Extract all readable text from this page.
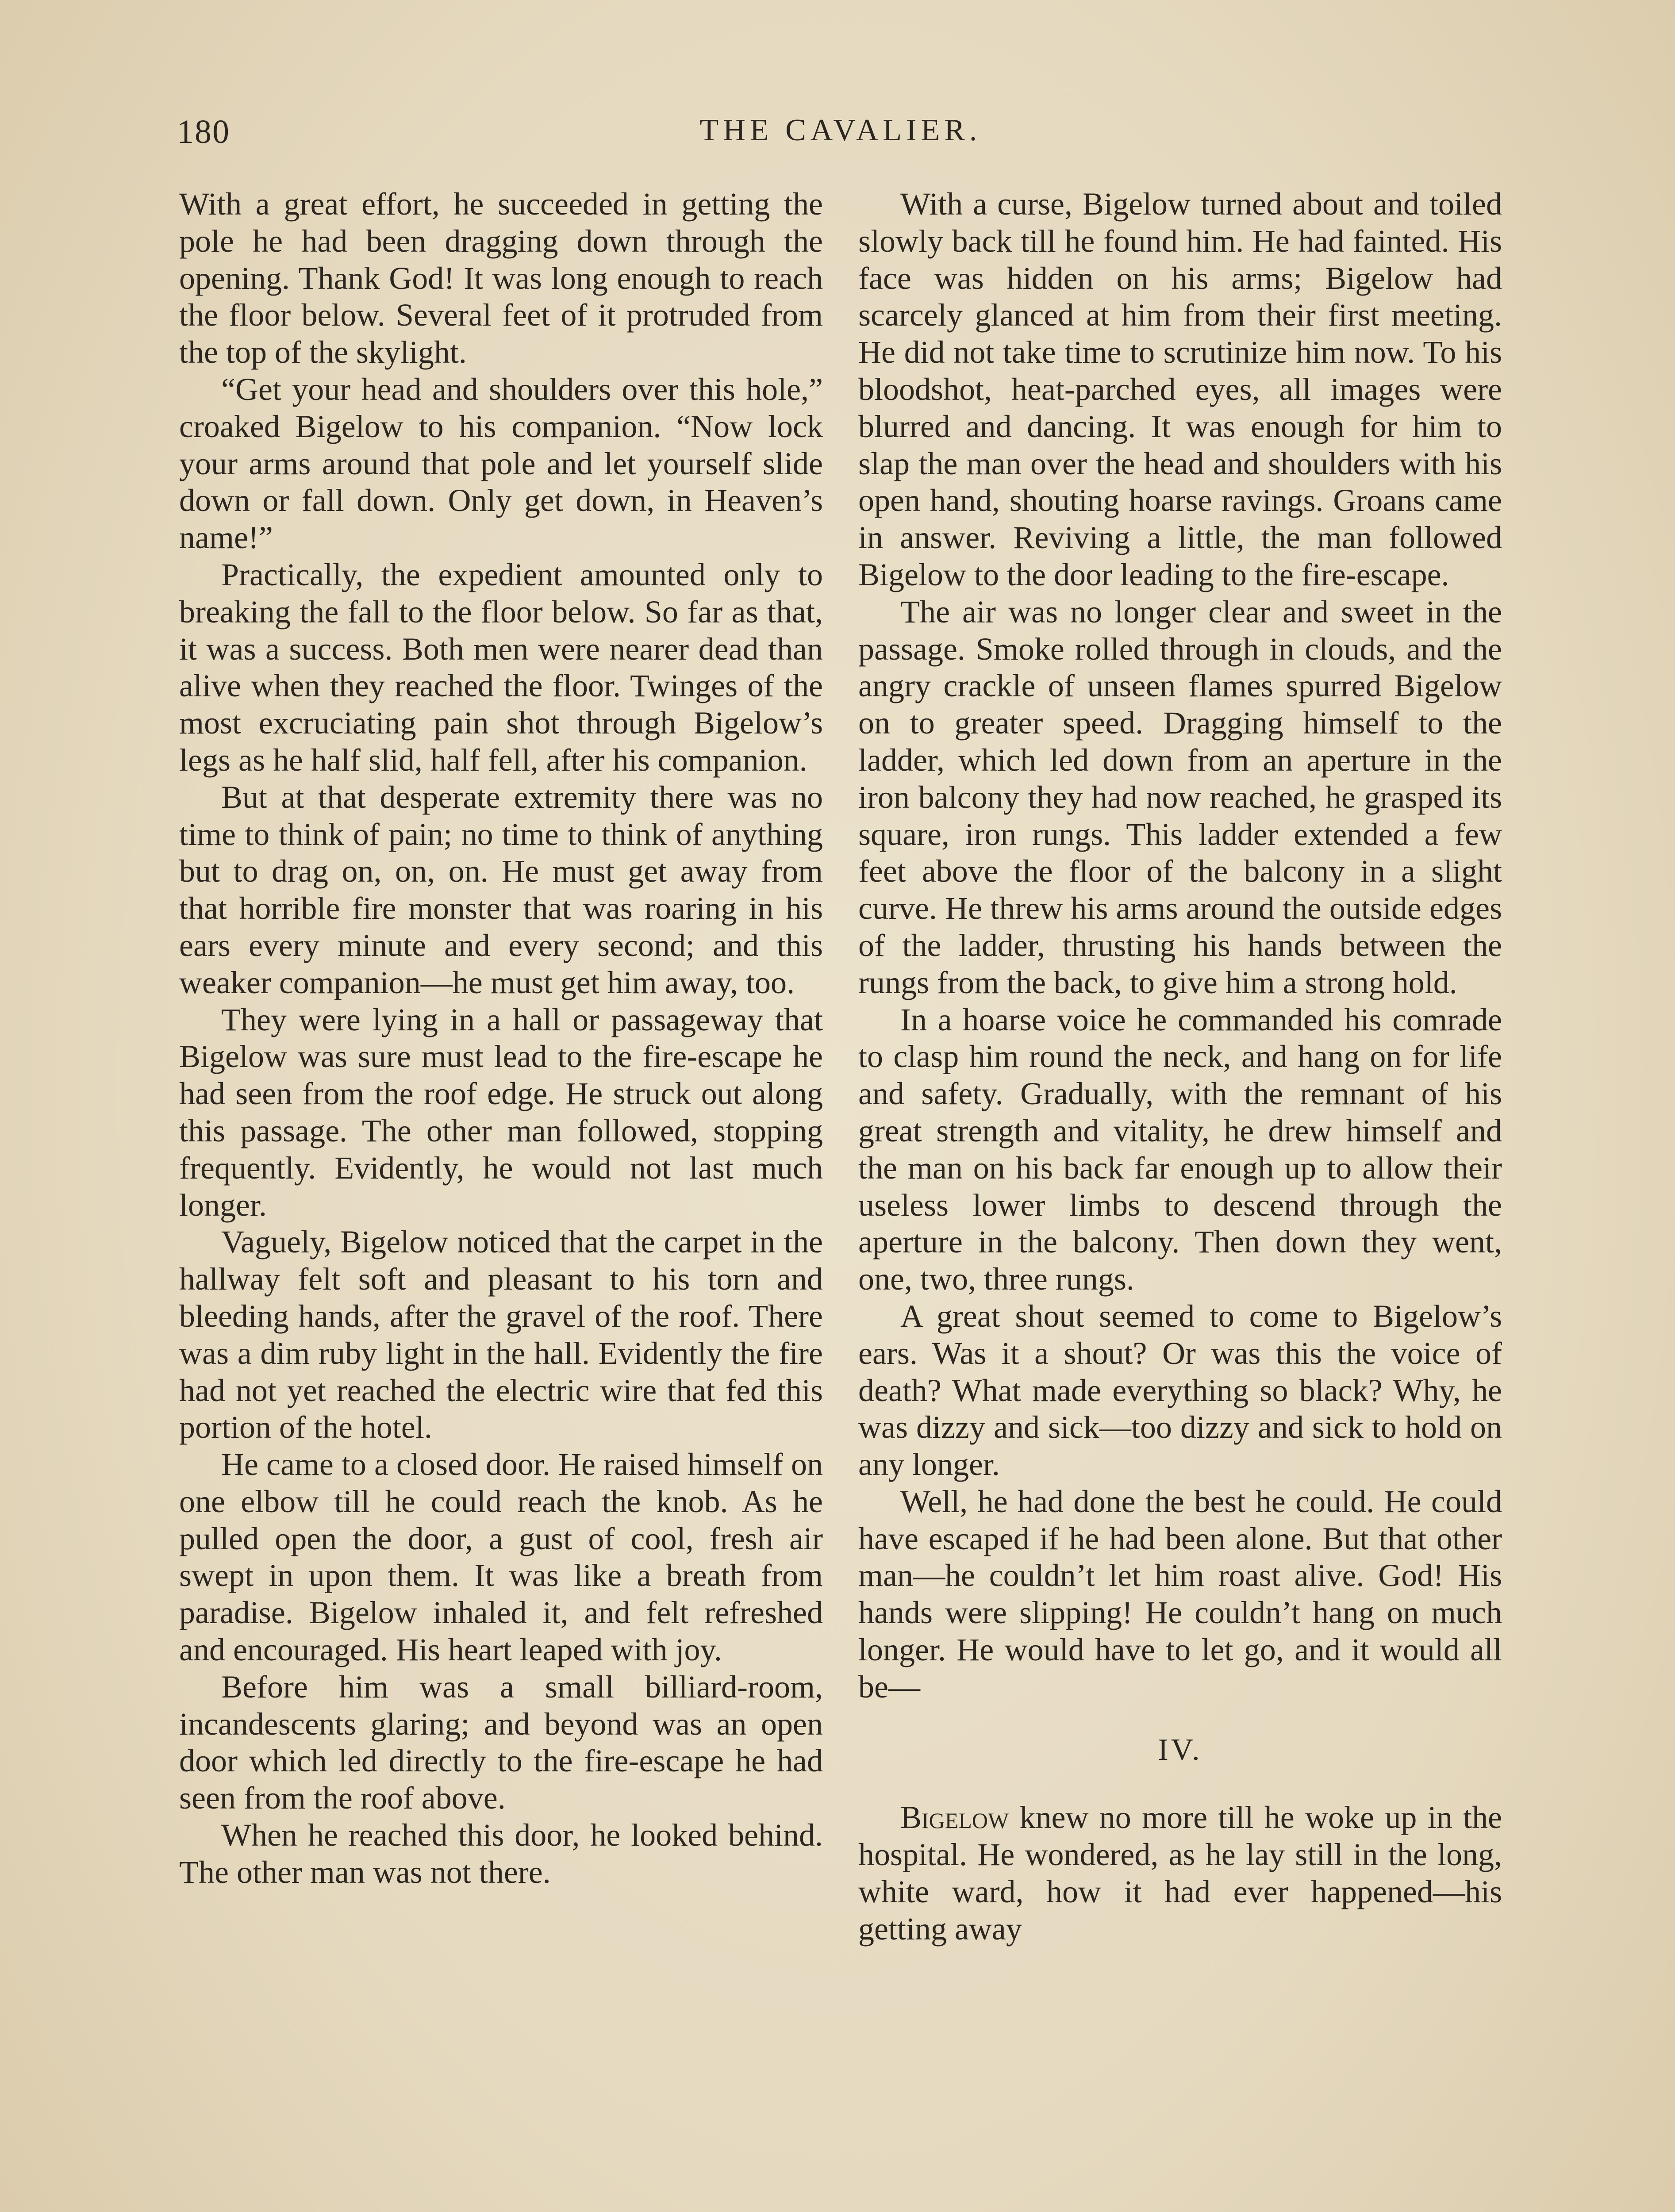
180	THE CAVALIER.

With a great effort, he succeeded in getting the pole he had been dragging down through the opening. Thank God! It was long enough to reach the floor below. Several feet of it protruded from the top of the skylight.

“Get your head and shoulders over this hole,” croaked Bigelow to his companion. “Now lock your arms around that pole and let yourself slide down or fall down. Only get down, in Heaven’s name!”

Practically, the expedient amounted only to breaking the fall to the floor below. So far as that, it was a success. Both men were nearer dead than alive when they reached the floor. Twinges of the most excruciating pain shot through Bigelow’s legs as he half slid, half fell, after his companion.

But at that desperate extremity there was no time to think of pain; no time to think of anything but to drag on, on, on. He must get away from that horrible fire monster that was roaring in his ears every minute and every second; and this weaker companion—he must get him away, too.

They were lying in a hall or passageway that Bigelow was sure must lead to the fire-escape he had seen from the roof edge. He struck out along this passage. The other man followed, stopping frequently. Evidently, he would not last much longer.

Vaguely, Bigelow noticed that the carpet in the hallway felt soft and pleasant to his torn and bleeding hands, after the gravel of the roof. There was a dim ruby light in the hall. Evidently the fire had not yet reached the electric wire that fed this portion of the hotel.

He came to a closed door. He raised himself on one elbow till he could reach the knob. As he pulled open the door, a gust of cool, fresh air swept in upon them. It was like a breath from paradise. Bigelow inhaled it, and felt refreshed and encouraged. His heart leaped with joy.

Before him was a small billiard-room, incandescents glaring; and beyond was an open door which led directly to the fire-escape he had seen from the roof above.

When he reached this door, he looked behind. The other man was not there.

With a curse, Bigelow turned about and toiled slowly back till he found him. He had fainted. His face was hidden on his arms; Bigelow had scarcely glanced at him from their first meeting. He did not take time to scrutinize him now. To his bloodshot, heat-parched eyes, all images were blurred and dancing. It was enough for him to slap the man over the head and shoulders with his open hand, shouting hoarse ravings. Groans came in answer. Reviving a little, the man followed Bigelow to the door leading to the fire-escape.

The air was no longer clear and sweet in the passage. Smoke rolled through in clouds, and the angry crackle of unseen flames spurred Bigelow on to greater speed. Dragging himself to the ladder, which led down from an aperture in the iron balcony they had now reached, he grasped its square, iron rungs. This ladder extended a few feet above the floor of the balcony in a slight curve. He threw his arms around the outside edges of the ladder, thrusting his hands between the rungs from the back, to give him a strong hold.

In a hoarse voice he commanded his comrade to clasp him round the neck, and hang on for life and safety. Gradually, with the remnant of his great strength and vitality, he drew himself and the man on his back far enough up to allow their useless lower limbs to descend through the aperture in the balcony. Then down they went, one, two, three rungs.

A great shout seemed to come to Bigelow’s ears. Was it a shout? Or was this the voice of death? What made everything so black? Why, he was dizzy and sick—too dizzy and sick to hold on any longer.

Well, he had done the best he could. He could have escaped if he had been alone. But that other man—he couldn’t let him roast alive. God! His hands were slipping! He couldn’t hang on much longer. He would have to let go, and it would all be—

IV.

Bigelow knew no more till he woke up in the hospital. He wondered, as he lay still in the long, white ward, how it had ever happened—his getting away
